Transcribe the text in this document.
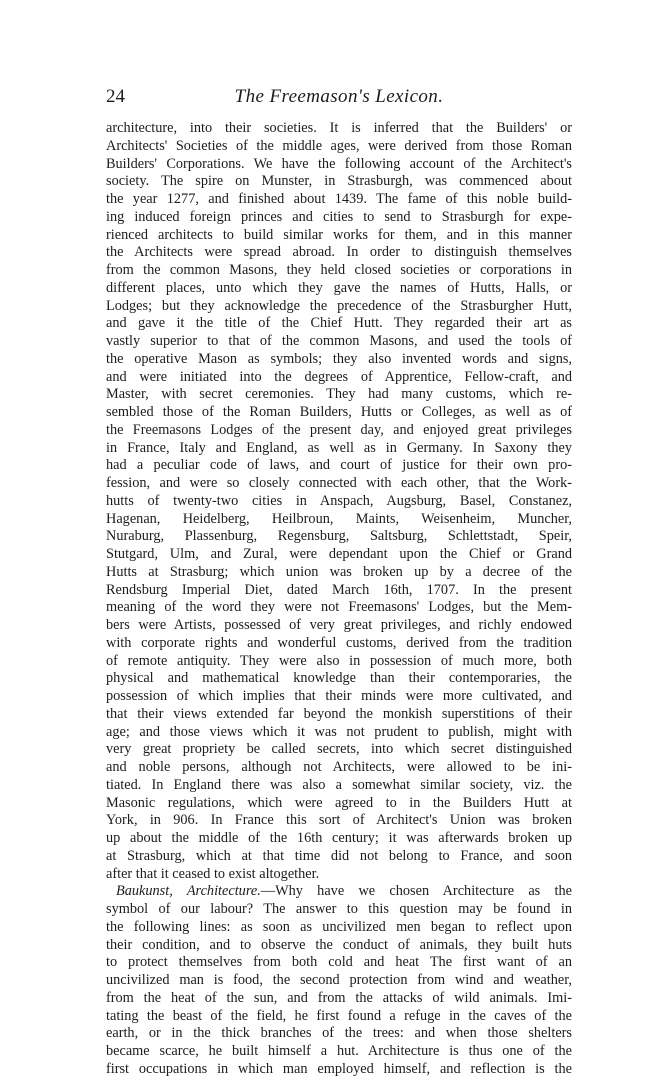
24	The Freemason's Lexicon.
architecture, into their societies. It is inferred that the Builders' or
Architects' Societies of the middle ages, were derived from those Roman
Builders' Corporations. We have the following account of the Architect's
society. The spire on Munster, in Strasburgh, was commenced about
the year 1277, and finished about 1439. The fame of this noble build-
ing induced foreign princes and cities to send to Strasburgh for expe-
rienced architects to build similar works for them, and in this manner
the Architects were spread abroad. In order to distinguish themselves
from the common Masons, they held closed societies or corporations in
different places, unto which they gave the names of Hutts, Halls, or
Lodges; but they acknowledge the precedence of the Strasburgher Hutt,
and gave it the title of the Chief Hutt. They regarded their art as
vastly superior to that of the common Masons, and used the tools of
the operative Mason as symbols; they also invented words and signs,
and were initiated into the degrees of Apprentice, Fellow-craft, and
Master, with secret ceremonies. They had many customs, which re-
sembled those of the Roman Builders, Hutts or Colleges, as well as of
the Freemasons Lodges of the present day, and enjoyed great privileges
in France, Italy and England, as well as in Germany. In Saxony they
had a peculiar code of laws, and court of justice for their own pro-
fession, and were so closely connected with each other, that the Work-
hutts of twenty-two cities in Anspach, Augsburg, Basel, Constanez,
Hagenan, Heidelberg, Heilbroun, Maints, Weisenheim, Muncher,
Nuraburg, Plassenburg, Regensburg, Saltsburg, Schlettstadt, Speir,
Stutgard, Ulm, and Zural, were dependant upon the Chief or Grand
Hutts at Strasburg; which union was broken up by a decree of the
Rendsburg Imperial Diet, dated March 16th, 1707. In the present
meaning of the word they were not Freemasons' Lodges, but the Mem-
bers were Artists, possessed of very great privileges, and richly endowed
with corporate rights and wonderful customs, derived from the tradition
of remote antiquity. They were also in possession of much more, both
physical and mathematical knowledge than their contemporaries, the
possession of which implies that their minds were more cultivated, and
that their views extended far beyond the monkish superstitions of their
age; and those views which it was not prudent to publish, might with
very great propriety be called secrets, into which secret distinguished
and noble persons, although not Architects, were allowed to be ini-
tiated. In England there was also a somewhat similar society, viz. the
Masonic regulations, which were agreed to in the Builders Hutt at
York, in 906. In France this sort of Architect's Union was broken
up about the middle of the 16th century; it was afterwards broken up
at Strasburg, which at that time did not belong to France, and soon
after that it ceased to exist altogether.
Baukunst, Architecture.—Why have we chosen Architecture as the
symbol of our labour? The answer to this question may be found in
the following lines: as soon as uncivilized men began to reflect upon
their condition, and to observe the conduct of animals, they built huts
to protect themselves from both cold and heat The first want of an
uncivilized man is food, the second protection from wind and weather,
from the heat of the sun, and from the attacks of wild animals. Imi-
tating the beast of the field, he first found a refuge in the caves of the
earth, or in the thick branches of the trees: and when those shelters
became scarce, he built himself a hut. Architecture is thus one of the
first occupations in which man employed himself, and reflection is the
